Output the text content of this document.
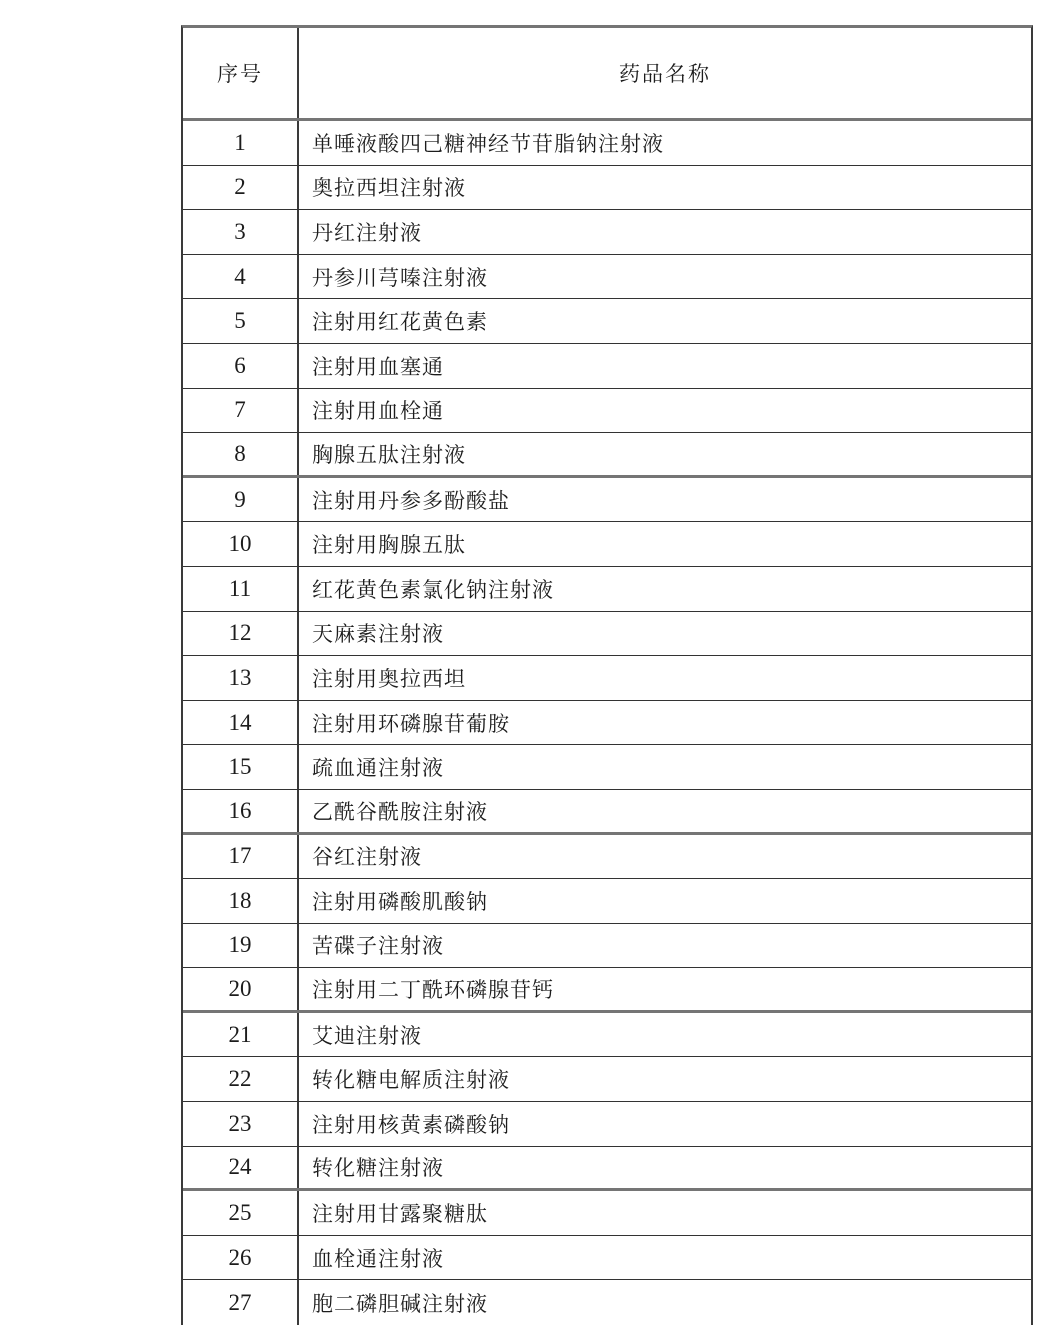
序号	药品名称
1	单唾液酸四己糖神经节苷脂钠注射液
2	奥拉西坦注射液
3	丹红注射液
4	丹参川芎嗪注射液
5	注射用红花黄色素
6	注射用血塞通
7	注射用血栓通
8	胸腺五肽注射液
9	注射用丹参多酚酸盐
10	注射用胸腺五肽
11	红花黄色素氯化钠注射液
12	天麻素注射液
13	注射用奥拉西坦
14	注射用环磷腺苷葡胺
15	疏血通注射液
16	乙酰谷酰胺注射液
17	谷红注射液
18	注射用磷酸肌酸钠
19	苦碟子注射液
20	注射用二丁酰环磷腺苷钙
21	艾迪注射液
22	转化糖电解质注射液
23	注射用核黄素磷酸钠
24	转化糖注射液
25	注射用甘露聚糖肽
26	血栓通注射液
27	胞二磷胆碱注射液
